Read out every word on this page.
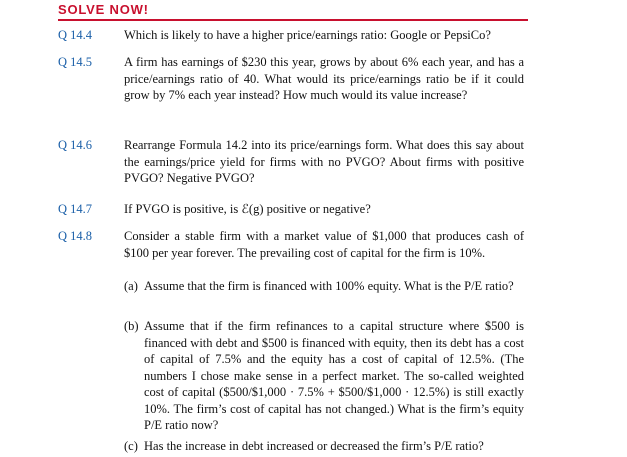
SOLVE NOW!
Q 14.4	Which is likely to have a higher price/earnings ratio: Google or PepsiCo?
Q 14.5	A firm has earnings of $230 this year, grows by about 6% each year, and has a price/earnings ratio of 40. What would its price/earnings ratio be if it could grow by 7% each year instead? How much would its value increase?
Q 14.6	Rearrange Formula 14.2 into its price/earnings form. What does this say about the earnings/price yield for firms with no PVGO? About firms with positive PVGO? Negative PVGO?
Q 14.7	If PVGO is positive, is ℰ(g) positive or negative?
Q 14.8	Consider a stable firm with a market value of $1,000 that produces cash of $100 per year forever. The prevailing cost of capital for the firm is 10%.
(a) Assume that the firm is financed with 100% equity. What is the P/E ratio?
(b) Assume that if the firm refinances to a capital structure where $500 is financed with debt and $500 is financed with equity, then its debt has a cost of capital of 7.5% and the equity has a cost of capital of 12.5%. (The numbers I chose make sense in a perfect market. The so-called weighted cost of capital ($500/$1,000 · 7.5% + $500/$1,000 · 12.5%) is still exactly 10%. The firm’s cost of capital has not changed.) What is the firm’s equity P/E ratio now?
(c) Has the increase in debt increased or decreased the firm’s P/E ratio?
